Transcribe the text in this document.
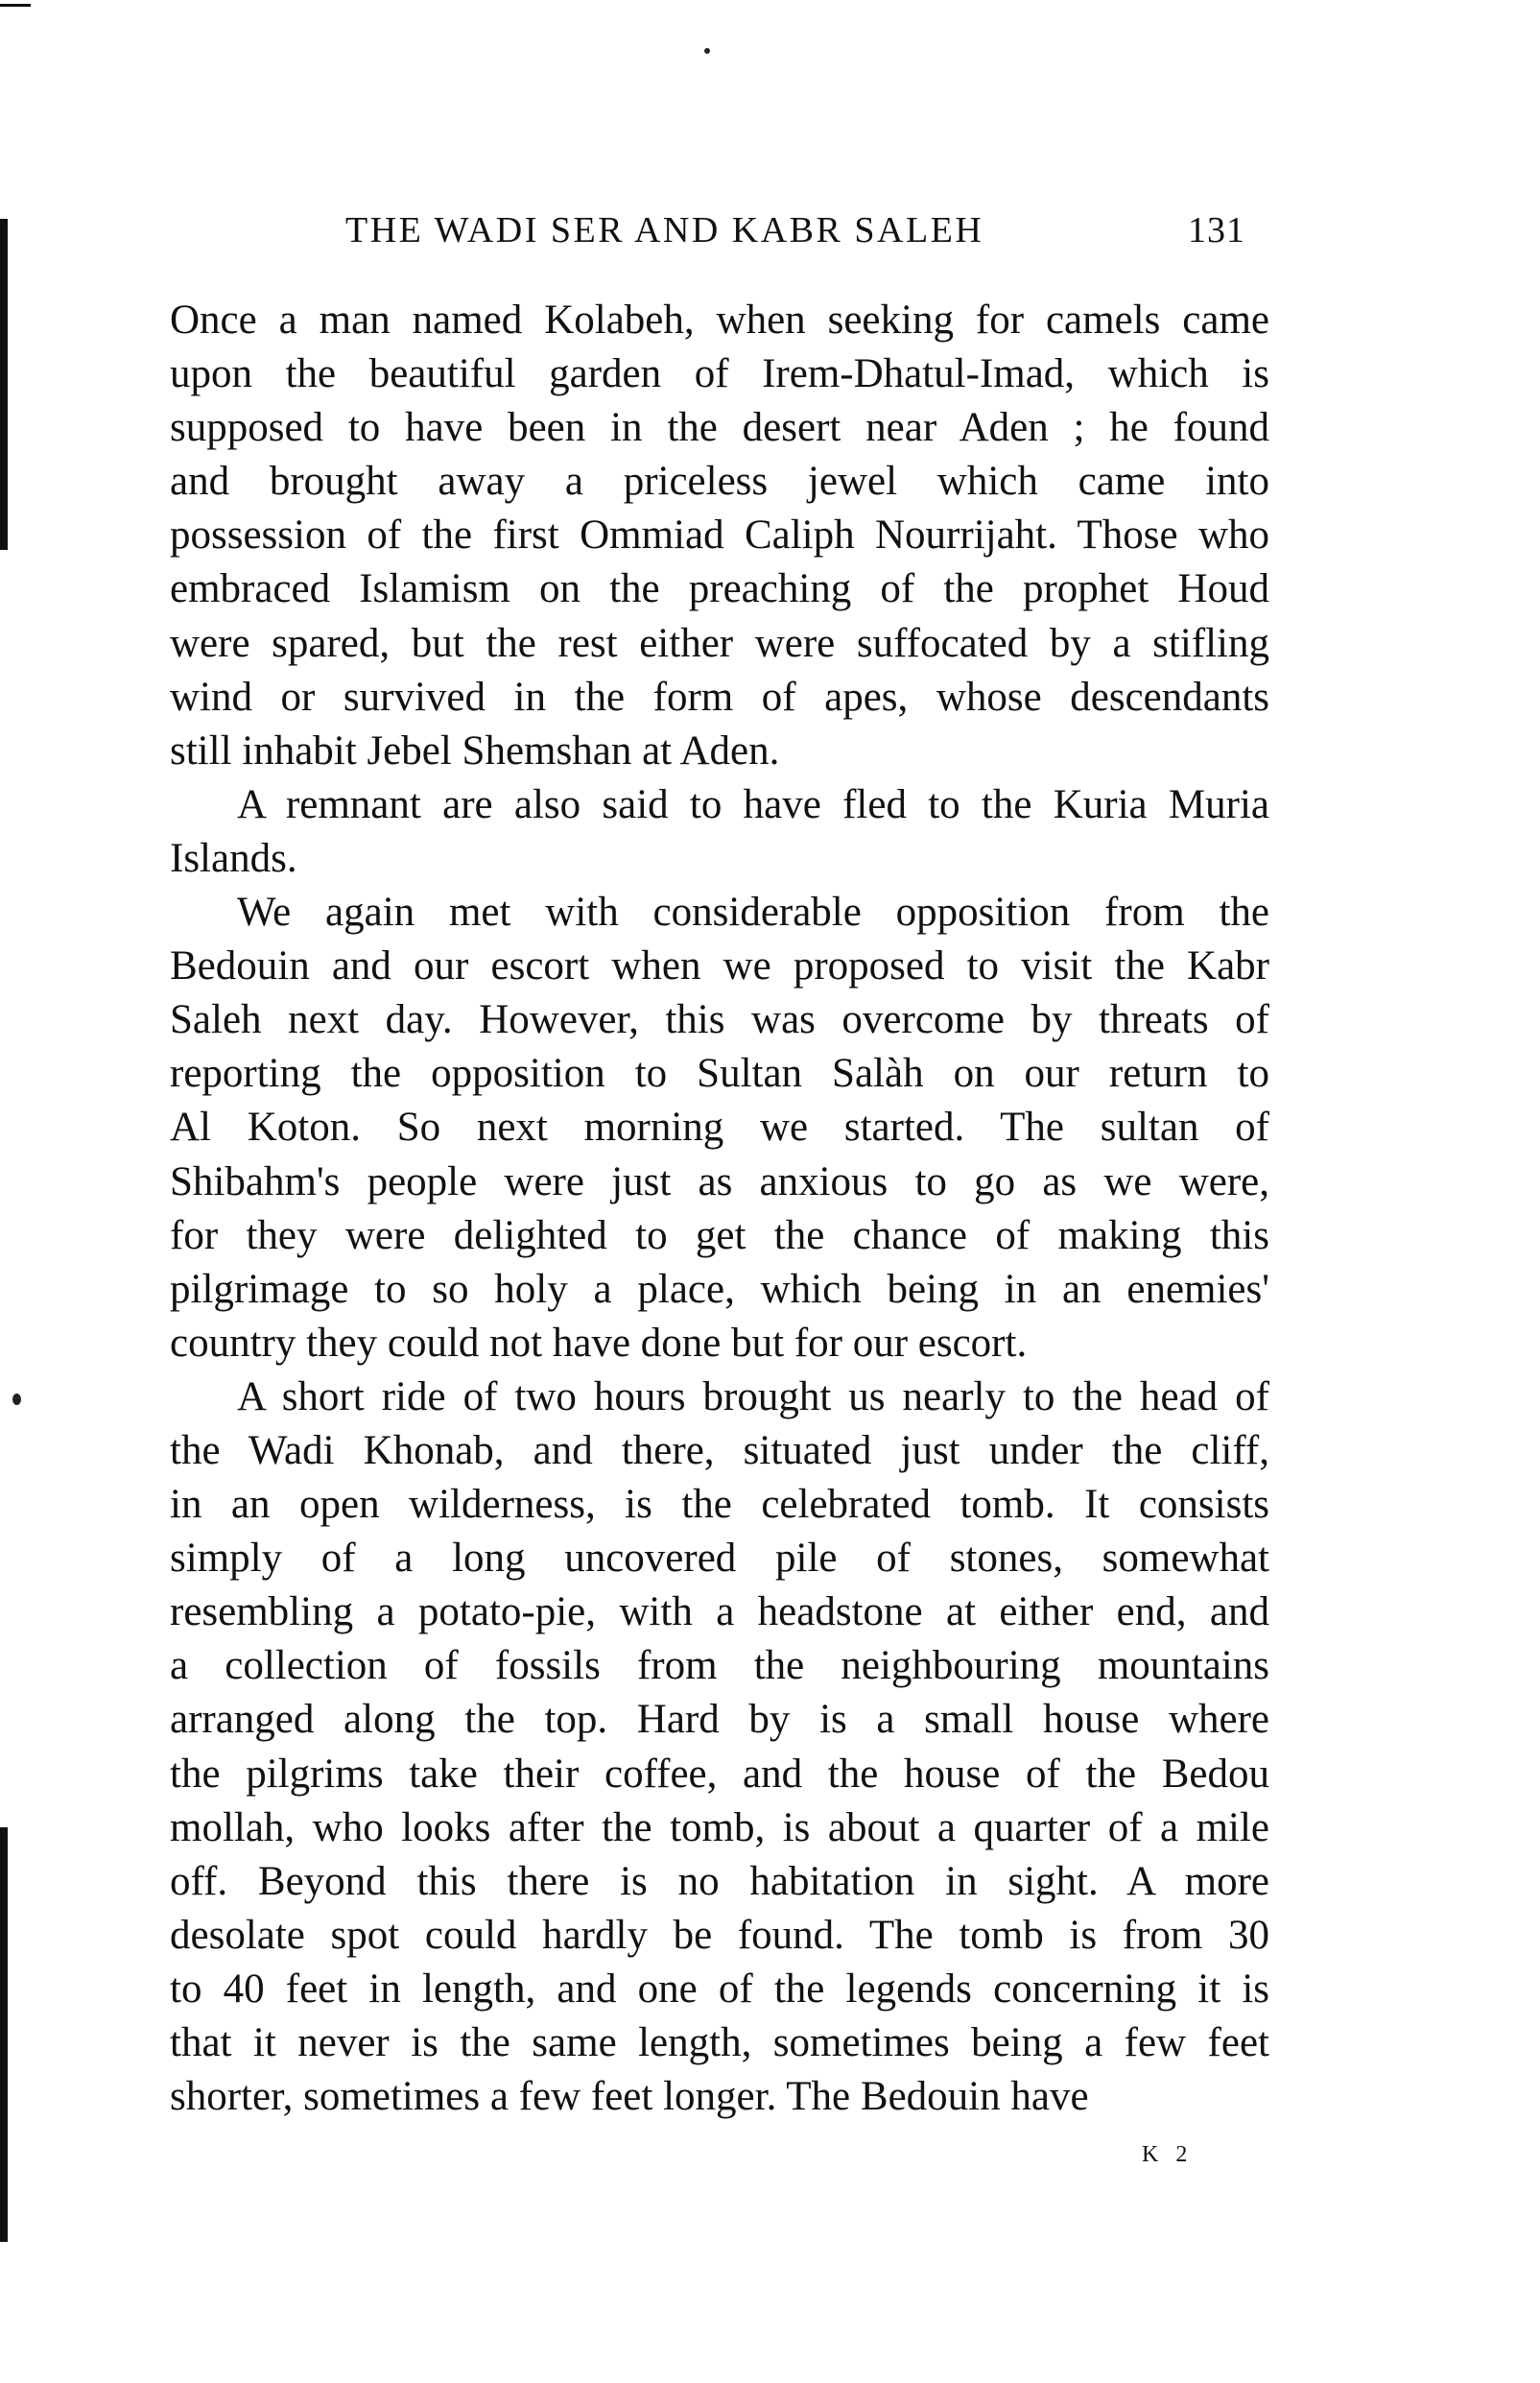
THE WADI SER AND KABR SALEH	131
Once a man named Kolabeh, when seeking for camels came
upon the beautiful garden of Irem-Dhatul-Imad, which is
supposed to have been in the desert near Aden ; he found
and brought away a priceless jewel which came into
possession of the first Ommiad Caliph Nourrijaht. Those who
embraced Islamism on the preaching of the prophet Houd
were spared, but the rest either were suffocated by a stifling
wind or survived in the form of apes, whose descendants
still inhabit Jebel Shemshan at Aden.
A remnant are also said to have fled to the Kuria Muria
Islands.
We again met with considerable opposition from the
Bedouin and our escort when we proposed to visit the Kabr
Saleh next day. However, this was overcome by threats of
reporting the opposition to Sultan Salàh on our return to
Al Koton. So next morning we started. The sultan of
Shibahm's people were just as anxious to go as we were,
for they were delighted to get the chance of making this
pilgrimage to so holy a place, which being in an enemies'
country they could not have done but for our escort.
A short ride of two hours brought us nearly to the head of
the Wadi Khonab, and there, situated just under the cliff,
in an open wilderness, is the celebrated tomb. It consists
simply of a long uncovered pile of stones, somewhat
resembling a potato-pie, with a headstone at either end, and
a collection of fossils from the neighbouring mountains
arranged along the top. Hard by is a small house where
the pilgrims take their coffee, and the house of the Bedou
mollah, who looks after the tomb, is about a quarter of a mile
off. Beyond this there is no habitation in sight. A more
desolate spot could hardly be found. The tomb is from 30
to 40 feet in length, and one of the legends concerning it is
that it never is the same length, sometimes being a few feet
shorter, sometimes a few feet longer. The Bedouin have
K 2
